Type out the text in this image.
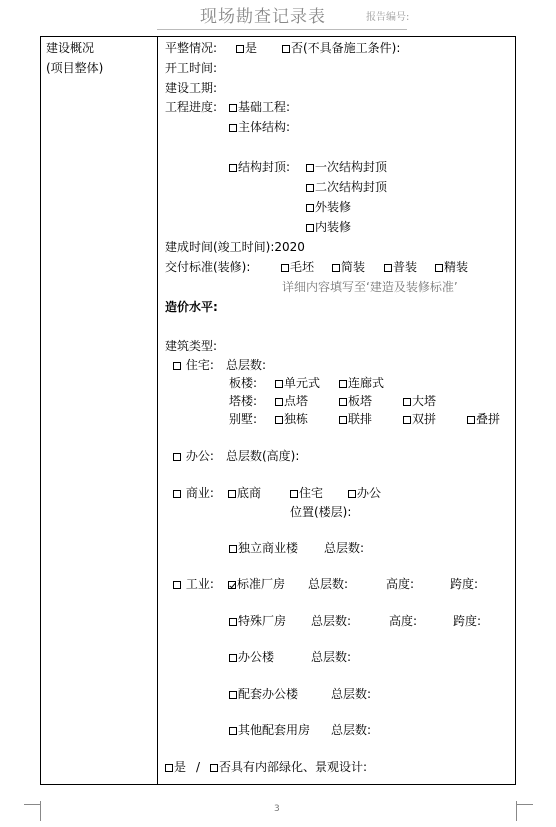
现场勘查记录表	报告编号:
建设概况
(项目整体)
平整情况:	是	否(不具备施工条件):
开工时间:
建设工期:
工程进度:	基础工程:
主体结构:
结构封顶:	一次结构封顶
二次结构封顶
外装修
内装修
建成时间(竣工时间):2020
交付标准(装修):	毛坯	简装	普装	精装
详细内容填写至‘建造及装修标准’
造价水平:
建筑类型:
住宅: 总层数:
板楼:	单元式	连廊式
塔楼:	点塔	板塔	大塔
别墅:	独栋	联排	双拼	叠拼
办公: 总层数(高度):
商业:	底商	住宅	办公
位置(楼层):
独立商业楼 总层数:
工业:	标准厂房 总层数:	高度:	跨度:
特殊厂房 总层数:	高度:	跨度:
办公楼	总层数:
配套办公楼	总层数:
其他配套用房 总层数:
是 /	否具有内部绿化、景观设计:
3
